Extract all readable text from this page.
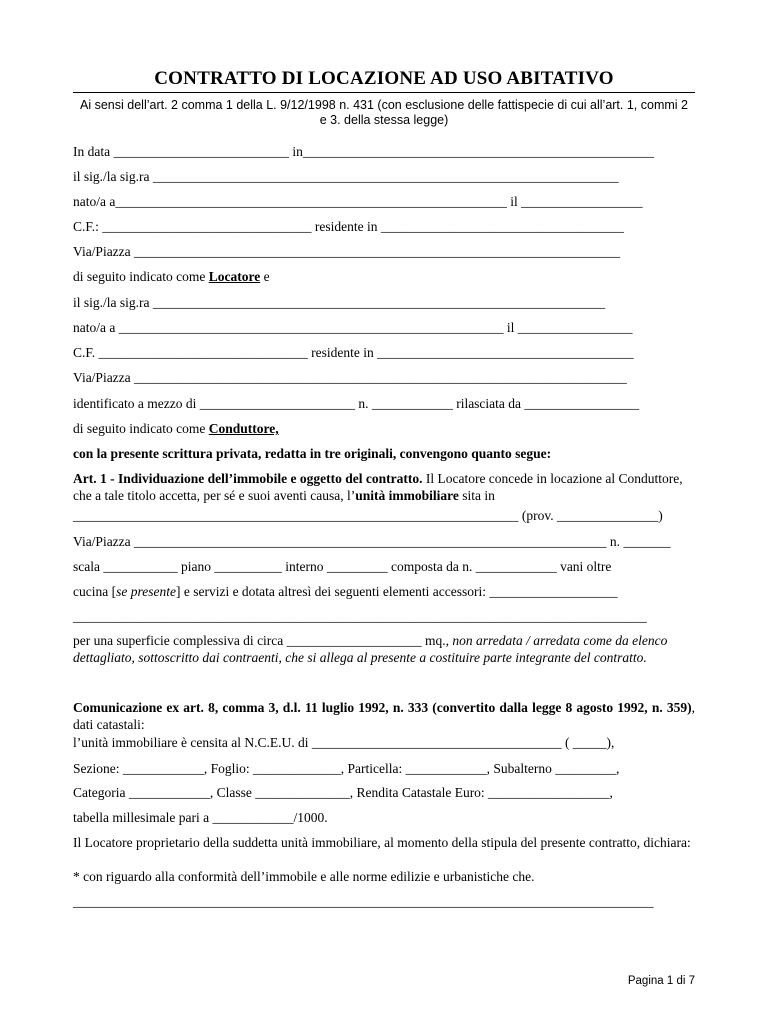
CONTRATTO DI LOCAZIONE AD USO ABITATIVO
Ai sensi dell’art. 2 comma 1 della L. 9/12/1998 n. 431 (con esclusione delle fattispecie di cui all’art. 1, commi 2 e 3. della stessa legge)
In data __________________________ in____________________________________________________
il sig./la sig.ra _____________________________________________________________________
nato/a a__________________________________________________________ il __________________
C.F.: _______________________________ residente in ____________________________________
Via/Piazza ________________________________________________________________________
di seguito indicato come Locatore e
il sig./la sig.ra ___________________________________________________________________
nato/a a _________________________________________________________ il _________________
C.F. _______________________________ residente in ______________________________________
Via/Piazza _________________________________________________________________________
identificato a mezzo di _______________________ n. ____________ rilasciata da _________________
di seguito indicato come Conduttore,
con la presente scrittura privata, redatta in tre originali, convengono quanto segue:
Art. 1 - Individuazione dell’immobile e oggetto del contratto. Il Locatore concede in locazione al Conduttore, che a tale titolo accetta, per sé e suoi aventi causa, l’unità immobiliare sita in
__________________________________________________________________ (prov. _______________)
Via/Piazza ______________________________________________________________________ n. _______
scala ___________ piano __________ interno _________ composta da n. ____________ vani oltre
cucina [se presente] e servizi e dotata altresì dei seguenti elementi accessori: ___________________
_____________________________________________________________________________________
per una superficie complessiva di circa ____________________ mq., non arredata / arredata come da elenco dettagliato, sottoscritto dai contraenti, che si allega al presente a costituire parte integrante del contratto.
Comunicazione ex art. 8, comma 3, d.l. 11 luglio 1992, n. 333 (convertito dalla legge 8 agosto 1992, n. 359), dati catastali:
l’unità immobiliare è censita al N.C.E.U. di _____________________________________ ( _____),
Sezione: ____________, Foglio: _____________, Particella: ____________, Subalterno _________,
Categoria ____________, Classe ______________, Rendita Catastale Euro: __________________,
tabella millesimale pari a ____________/1000.
Il Locatore proprietario della suddetta unità immobiliare, al momento della stipula del presente contratto, dichiara:
* con riguardo alla conformità dell’immobile e alle norme edilizie e urbanistiche che.
______________________________________________________________________________________
Pagina 1 di 7
